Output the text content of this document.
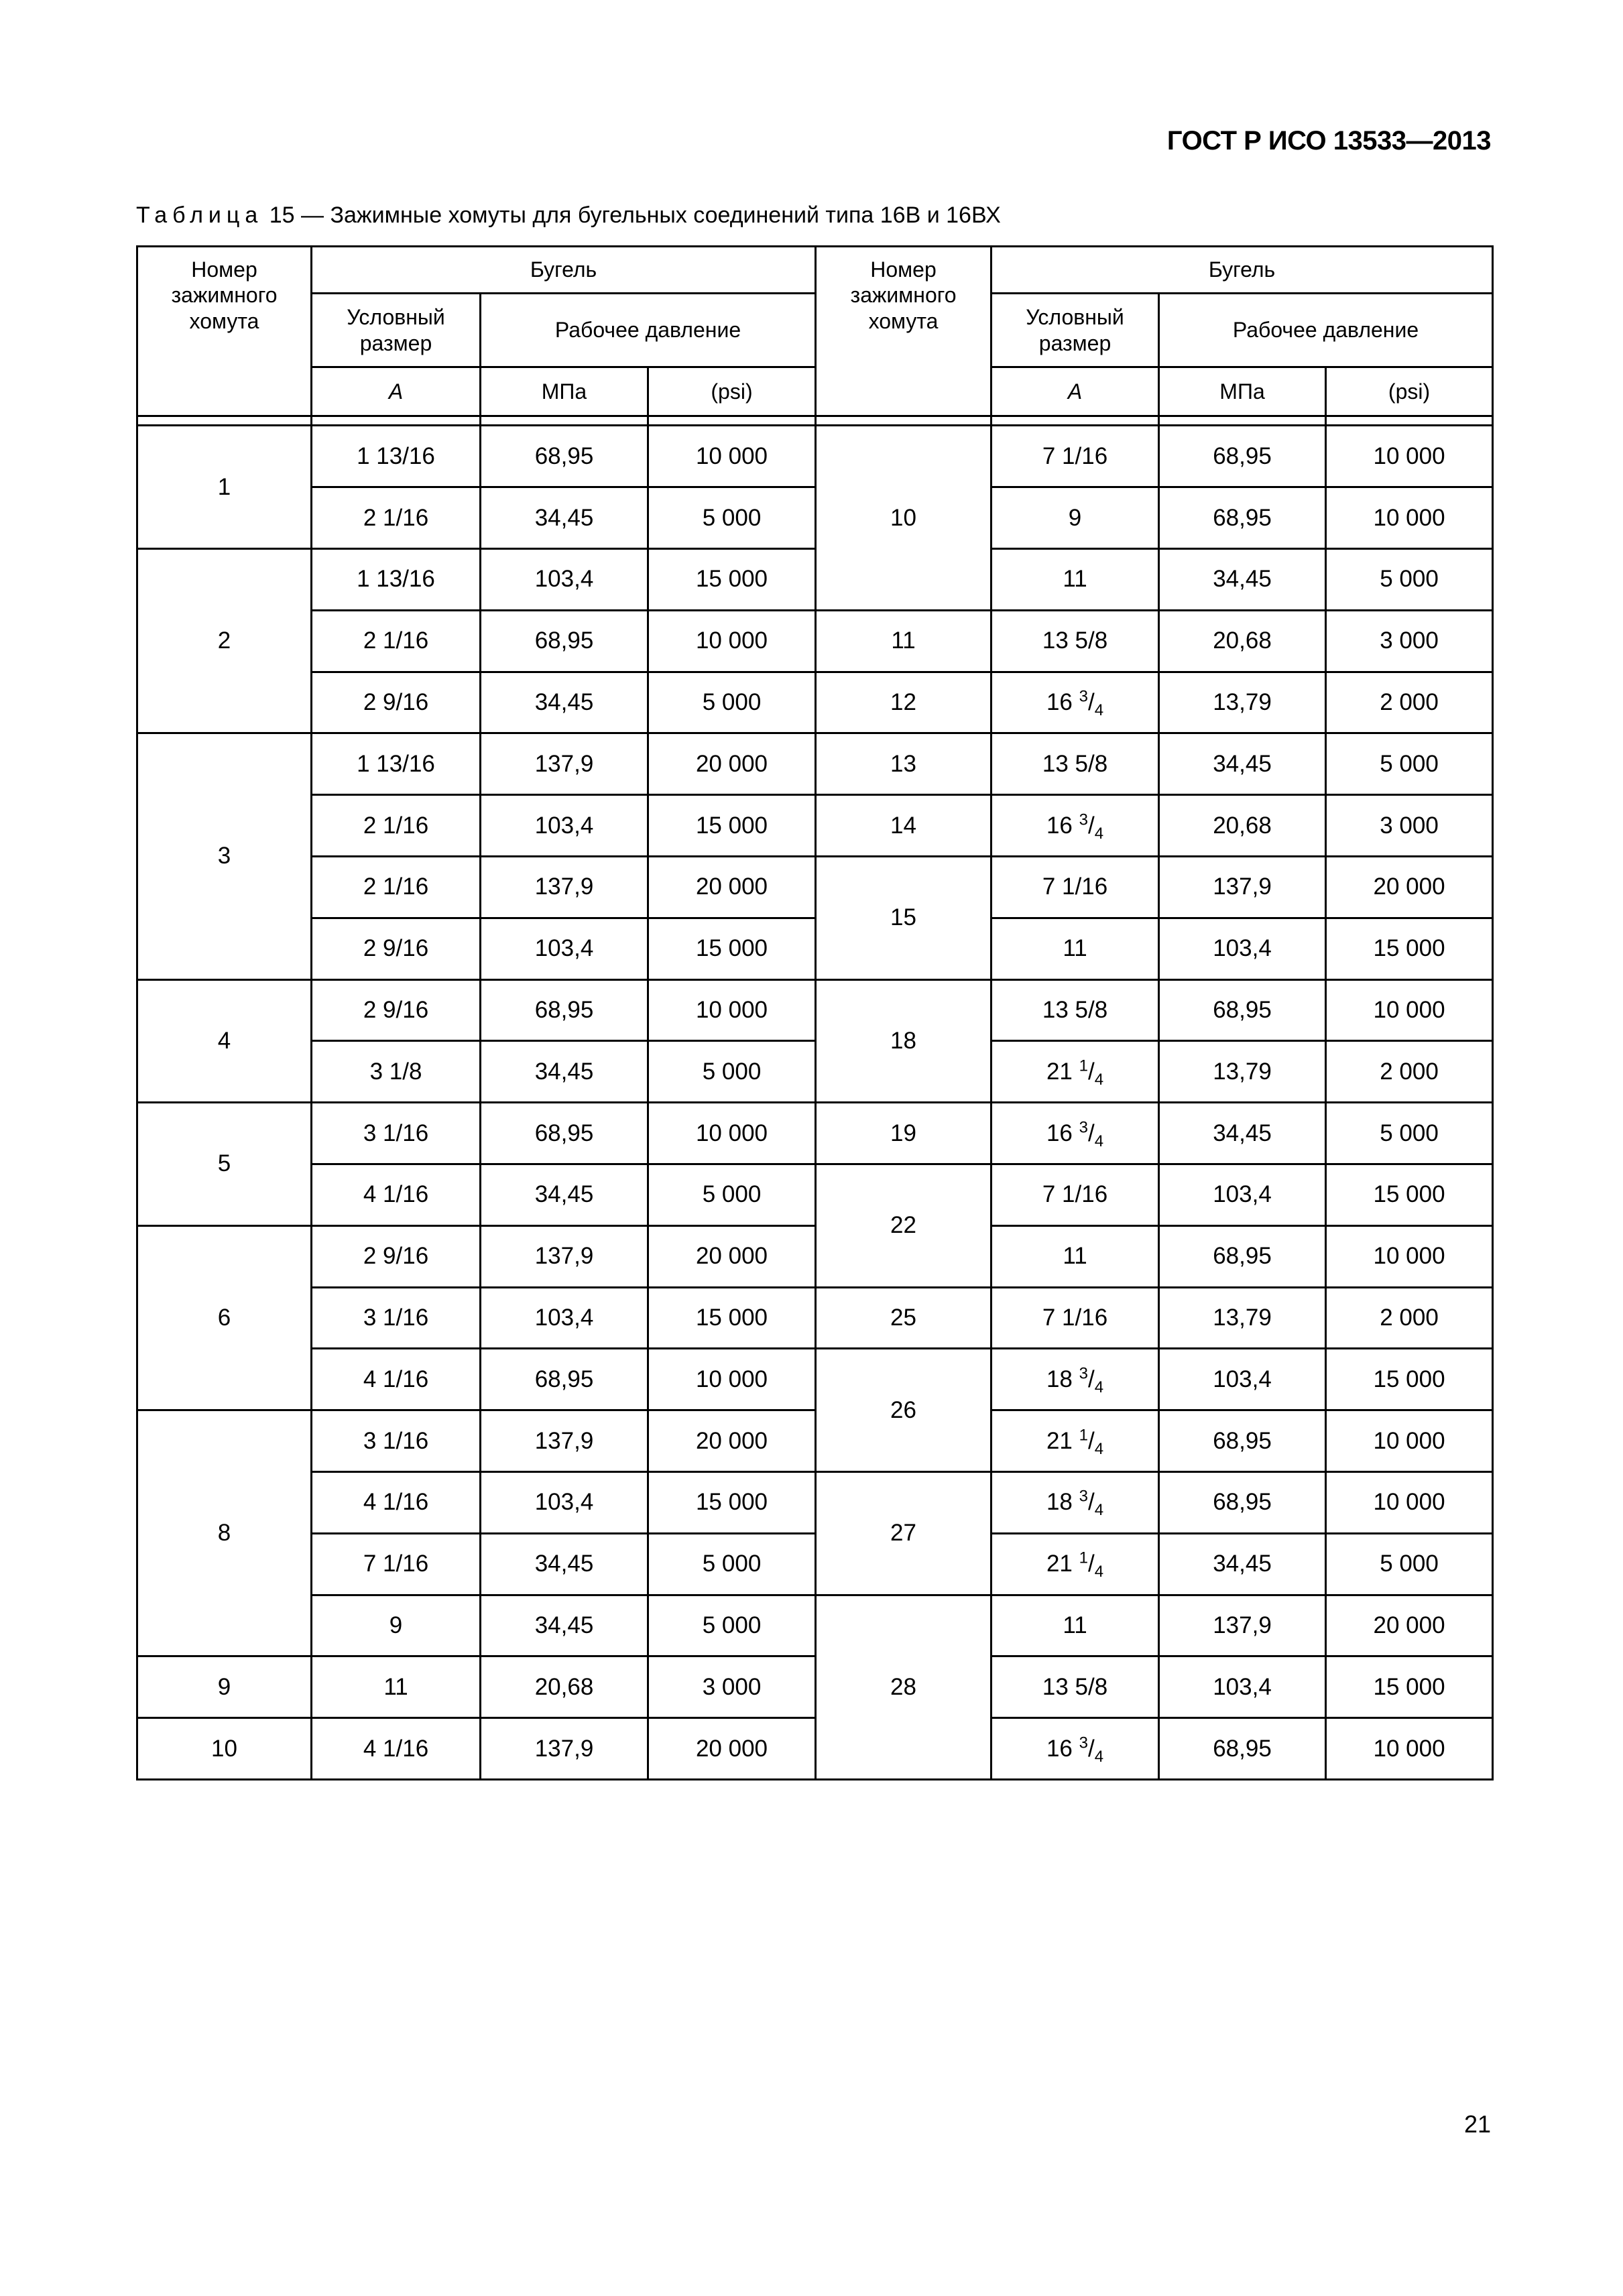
ГОСТ Р ИСО 13533—2013
Таблица 15 — Зажимные хомуты для бугельных соединений типа 16В и 16ВХ
Номер зажимного хомута	Бугель			Номер зажимного хомута	Бугель		
	Условный размер	Рабочее давление			Условный размер	Рабочее давление	
	A	МПа	(psi)		A	МПа	(psi)

1	1 13/16	68,95	10 000	10	7 1/16	68,95	10 000
	2 1/16	34,45	5 000		9	68,95	10 000
2	1 13/16	103,4	15 000		11	34,45	5 000
	2 1/16	68,95	10 000	11	13 5/8	20,68	3 000
	2 9/16	34,45	5 000	12	16 $^3/_4$	13,79	2 000
3	1 13/16	137,9	20 000	13	13 5/8	34,45	5 000
	2 1/16	103,4	15 000	14	16 $^3/_4$	20,68	3 000
	2 1/16	137,9	20 000	15	7 1/16	137,9	20 000
	2 9/16	103,4	15 000		11	103,4	15 000
4	2 9/16	68,95	10 000	18	13 5/8	68,95	10 000
	3 1/8	34,45	5 000		21 $^1/_4$	13,79	2 000
5	3 1/16	68,95	10 000	19	16 $^3/_4$	34,45	5 000
	4 1/16	34,45	5 000	22	7 1/16	103,4	15 000
6	2 9/16	137,9	20 000		11	68,95	10 000
	3 1/16	103,4	15 000	25	7 1/16	13,79	2 000
	4 1/16	68,95	10 000	26	18 $^3/_4$	103,4	15 000
8	3 1/16	137,9	20 000		21 $^1/_4$	68,95	10 000
	4 1/16	103,4	15 000	27	18 $^3/_4$	68,95	10 000
	7 1/16	34,45	5 000		21 $^1/_4$	34,45	5 000
	9	34,45	5 000	28	11	137,9	20 000
9	11	20,68	3 000		13 5/8	103,4	15 000
10	4 1/16	137,9	20 000		16 $^3/_4$	68,95	10 000
21
